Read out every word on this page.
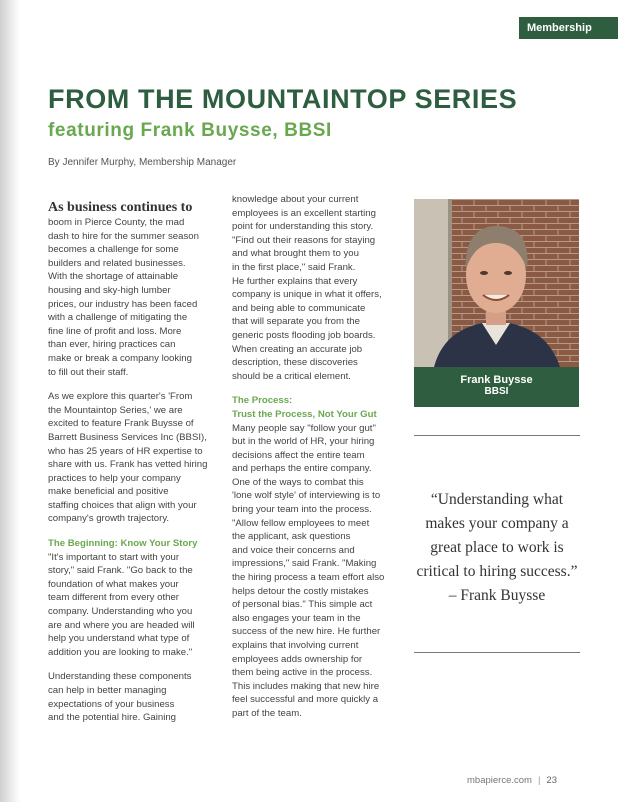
Membership
FROM THE MOUNTAINTOP SERIES
featuring Frank Buysse, BBSI
By Jennifer Murphy, Membership Manager

As business continues to
boom in Pierce County, the mad
dash to hire for the summer season
becomes a challenge for some
builders and related businesses.
With the shortage of attainable
housing and sky-high lumber
prices, our industry has been faced
with a challenge of mitigating the
fine line of profit and loss. More
than ever, hiring practices can
make or break a company looking
to fill out their staff.

As we explore this quarter's 'From
the Mountaintop Series,' we are
excited to feature Frank Buysse of
Barrett Business Services Inc (BBSI),
who has 25 years of HR expertise to
share with us. Frank has vetted hiring
practices to help your company
make beneficial and positive
staffing choices that align with your
company's growth trajectory.

The Beginning: Know Your Story
"It's important to start with your
story," said Frank. "Go back to the
foundation of what makes your
team different from every other
company. Understanding who you
are and where you are headed will
help you understand what type of
addition you are looking to make."

Understanding these components
can help in better managing
expectations of your business
and the potential hire. Gaining

knowledge about your current
employees is an excellent starting
point for understanding this story.
"Find out their reasons for staying
and what brought them to you
in the first place," said Frank.
He further explains that every
company is unique in what it offers,
and being able to communicate
that will separate you from the
generic posts flooding job boards.
When creating an accurate job
description, these discoveries
should be a critical element.

The Process:
Trust the Process, Not Your Gut
Many people say "follow your gut"
but in the world of HR, your hiring
decisions affect the entire team
and perhaps the entire company.
One of the ways to combat this
'lone wolf style' of interviewing is to
bring your team into the process.
"Allow fellow employees to meet
the applicant, ask questions
and voice their concerns and
impressions," said Frank. "Making
the hiring process a team effort also
helps detour the costly mistakes
of personal bias." This simple act
also engages your team in the
success of the new hire. He further
explains that involving current
employees adds ownership for
them being active in the process.
This includes making that new hire
feel successful and more quickly a
part of the team.

Frank Buysse
BBSI
“Understanding what
makes your company a
great place to work is
critical to hiring success.”
– Frank Buysse
mbapierce.com | 23
